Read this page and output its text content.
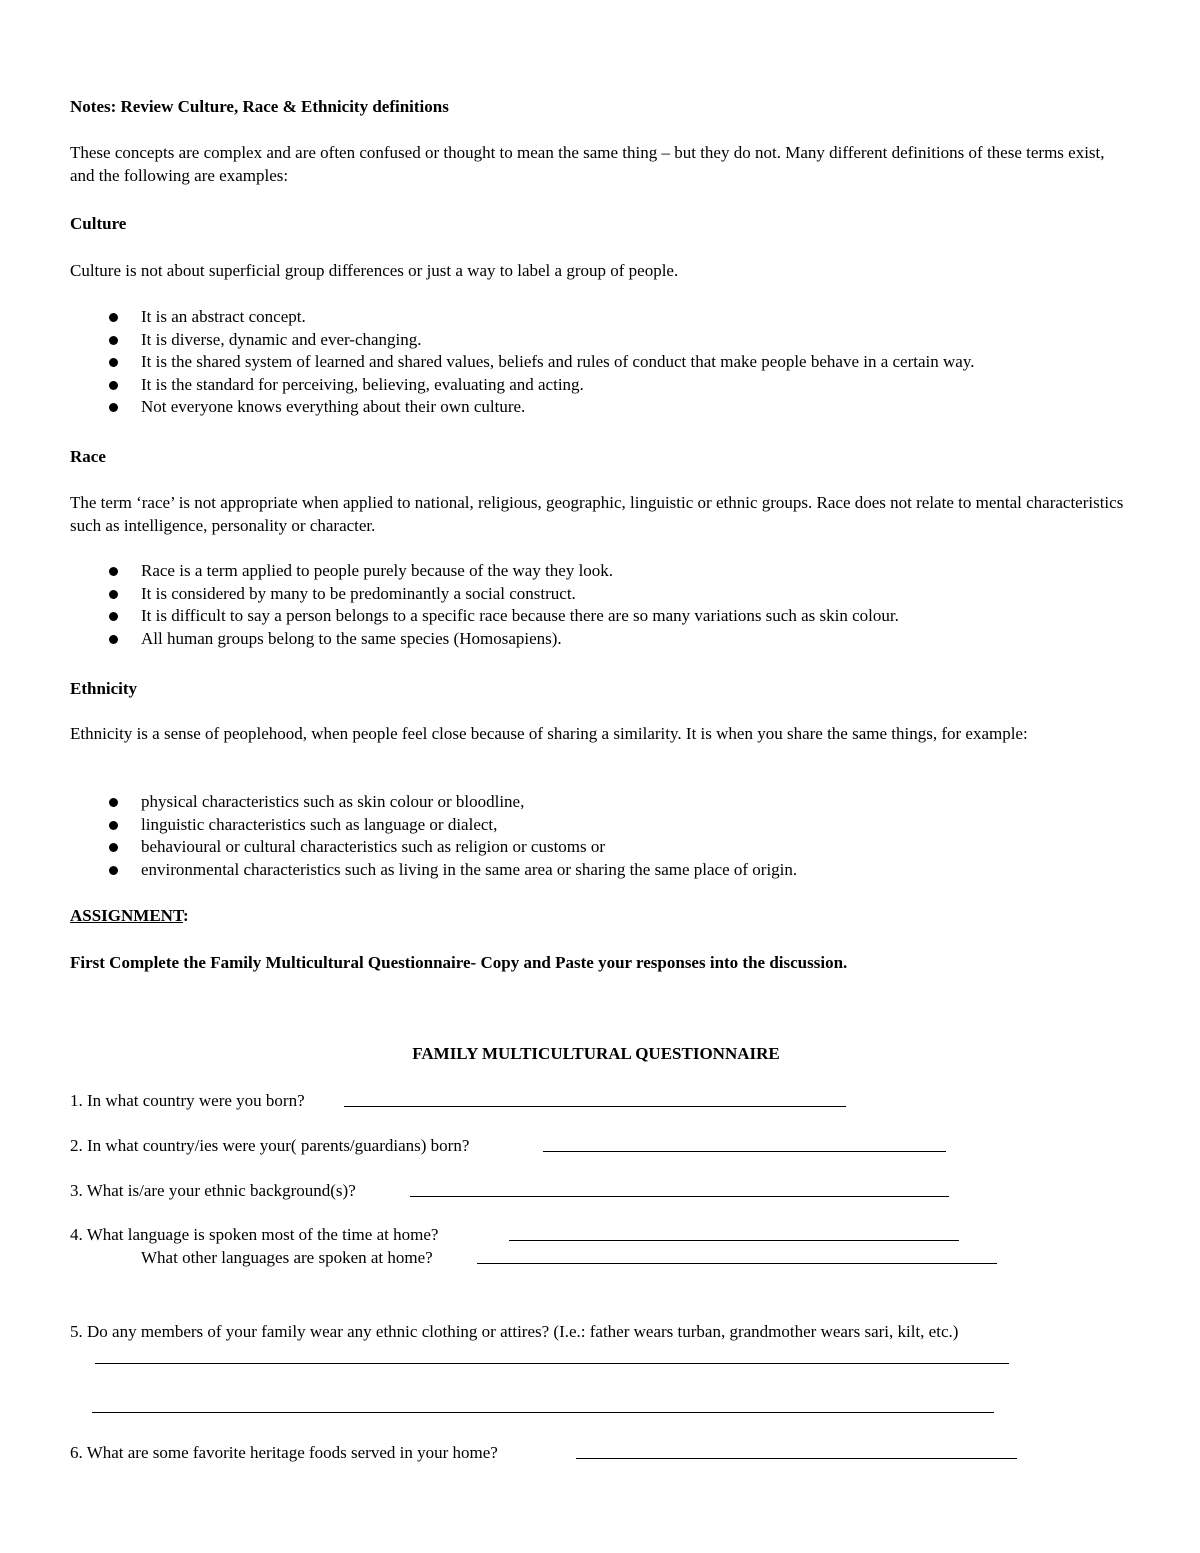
Notes: Review Culture, Race & Ethnicity definitions

These concepts are complex and are often confused or thought to mean the same thing – but they do not. Many different definitions of these terms exist, and the following are examples:

Culture

Culture is not about superficial group differences or just a way to label a group of people.

It is an abstract concept.
It is diverse, dynamic and ever-changing.
It is the shared system of learned and shared values, beliefs and rules of conduct that make people behave in a certain way.
It is the standard for perceiving, believing, evaluating and acting.
Not everyone knows everything about their own culture.

Race

The term ‘race’ is not appropriate when applied to national, religious, geographic, linguistic or ethnic groups. Race does not relate to mental characteristics such as intelligence, personality or character.

Race is a term applied to people purely because of the way they look.
It is considered by many to be predominantly a social construct.
It is difficult to say a person belongs to a specific race because there are so many variations such as skin colour.
All human groups belong to the same species (Homosapiens).

Ethnicity

Ethnicity is a sense of peoplehood, when people feel close because of sharing a similarity. It is when you share the same things, for example:

physical characteristics such as skin colour or bloodline,
linguistic characteristics such as language or dialect,
behavioural or cultural characteristics such as religion or customs or
environmental characteristics such as living in the same area or sharing the same place of origin.

ASSIGNMENT:

First Complete the Family Multicultural Questionnaire- Copy and Paste your responses into the discussion.

FAMILY MULTICULTURAL QUESTIONNAIRE

1. In what country were you born?

2. In what country/ies were your( parents/guardians) born?

3. What is/are your ethnic background(s)?

4. What language is spoken most of the time at home?

What other languages are spoken at home?

5. Do any members of your family wear any ethnic clothing or attires? (I.e.: father wears turban, grandmother wears sari, kilt, etc.)

6. What are some favorite heritage foods served in your home?
